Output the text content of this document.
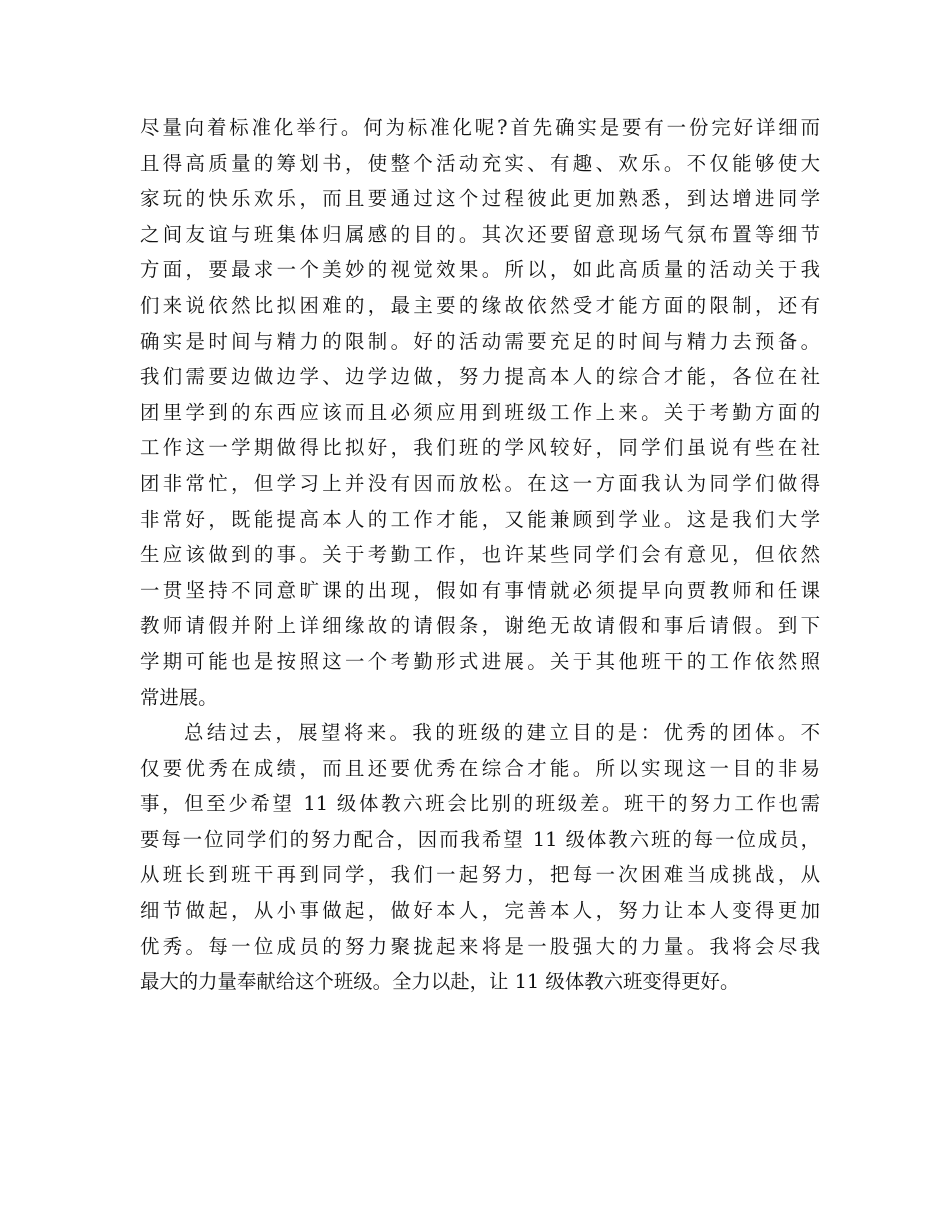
尽量向着标准化举行。何为标准化呢?首先确实是要有一份完好详细而
且得高质量的筹划书，使整个活动充实、有趣、欢乐。不仅能够使大
家玩的快乐欢乐，而且要通过这个过程彼此更加熟悉，到达增进同学
之间友谊与班集体归属感的目的。其次还要留意现场气氛布置等细节
方面，要最求一个美妙的视觉效果。所以，如此高质量的活动关于我
们来说依然比拟困难的，最主要的缘故依然受才能方面的限制，还有
确实是时间与精力的限制。好的活动需要充足的时间与精力去预备。
我们需要边做边学、边学边做，努力提高本人的综合才能，各位在社
团里学到的东西应该而且必须应用到班级工作上来。关于考勤方面的
工作这一学期做得比拟好，我们班的学风较好，同学们虽说有些在社
团非常忙，但学习上并没有因而放松。在这一方面我认为同学们做得
非常好，既能提高本人的工作才能，又能兼顾到学业。这是我们大学
生应该做到的事。关于考勤工作，也许某些同学们会有意见，但依然
一贯坚持不同意旷课的出现，假如有事情就必须提早向贾教师和任课
教师请假并附上详细缘故的请假条，谢绝无故请假和事后请假。到下
学期可能也是按照这一个考勤形式进展。关于其他班干的工作依然照
常进展。
总结过去，展望将来。我的班级的建立目的是：优秀的团体。不
仅要优秀在成绩，而且还要优秀在综合才能。所以实现这一目的非易
事，但至少希望 11 级体教六班会比别的班级差。班干的努力工作也需
要每一位同学们的努力配合，因而我希望 11 级体教六班的每一位成员，
从班长到班干再到同学，我们一起努力，把每一次困难当成挑战，从
细节做起，从小事做起，做好本人，完善本人，努力让本人变得更加
优秀。每一位成员的努力聚拢起来将是一股强大的力量。我将会尽我
最大的力量奉献给这个班级。全力以赴，让 11 级体教六班变得更好。
